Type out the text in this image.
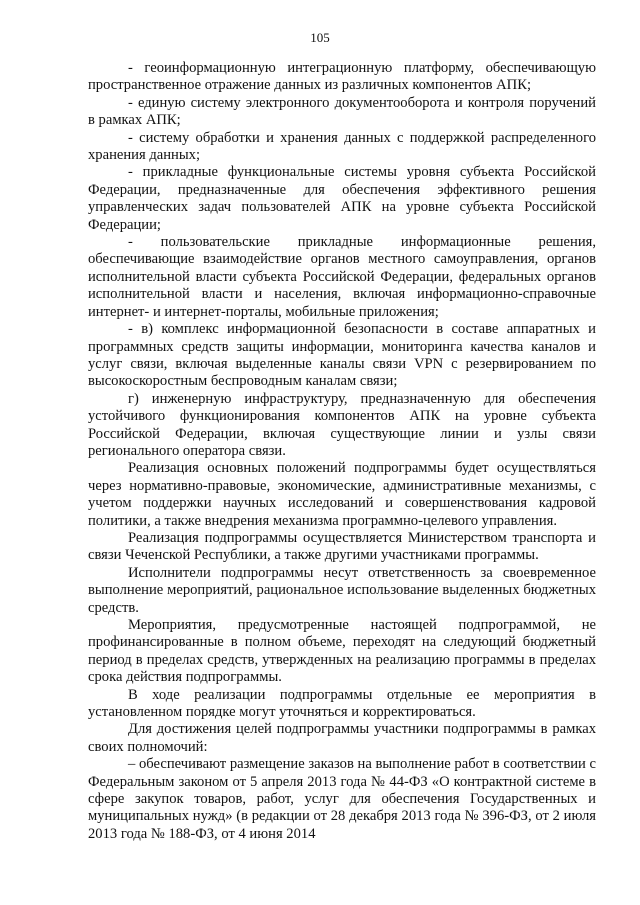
105

- геоинформационную интеграционную платформу, обеспечивающую пространственное отражение данных из различных компонентов АПК;

- единую систему электронного документооборота и контроля поручений в рамках АПК;

- систему обработки и хранения данных с поддержкой распределенного хранения данных;

- прикладные функциональные системы уровня субъекта Российской Федерации, предназначенные для обеспечения эффективного решения управленческих задач пользователей АПК на уровне субъекта Российской Федерации;

- пользовательские прикладные информационные решения, обеспечивающие взаимодействие органов местного самоуправления, органов исполнительной власти субъекта Российской Федерации, федеральных органов исполнительной власти и населения, включая информационно-справочные интернет- и интернет-порталы, мобильные приложения;

- в) комплекс информационной безопасности в составе аппаратных и программных средств защиты информации, мониторинга качества каналов и услуг связи, включая выделенные каналы связи VPN с резервированием по высокоскоростным беспроводным каналам связи;

г) инженерную инфраструктуру, предназначенную для обеспечения устойчивого функционирования компонентов АПК на уровне субъекта Российской Федерации, включая существующие линии и узлы связи регионального оператора связи.

Реализация основных положений подпрограммы будет осуществляться через нормативно-правовые, экономические, административные механизмы, с учетом поддержки научных исследований и совершенствования кадровой политики, а также внедрения механизма программно-целевого управления.

Реализация подпрограммы осуществляется Министерством транспорта и связи Чеченской Республики, а также другими участниками программы.

Исполнители подпрограммы несут ответственность за своевременное выполнение мероприятий, рациональное использование выделенных бюджетных средств.

Мероприятия, предусмотренные настоящей подпрограммой, не профинансированные в полном объеме, переходят на следующий бюджетный период в пределах средств, утвержденных на реализацию программы в пределах срока действия подпрограммы.

В ходе реализации подпрограммы отдельные ее мероприятия в установленном порядке могут уточняться и корректироваться.

Для достижения целей подпрограммы участники подпрограммы в рамках своих полномочий:

– обеспечивают размещение заказов на выполнение работ в соответствии с Федеральным законом от 5 апреля 2013 года № 44-ФЗ «О контрактной системе в сфере закупок товаров, работ, услуг для обеспечения Государственных и муниципальных нужд» (в редакции от 28 декабря 2013 года № 396-ФЗ, от 2 июля 2013 года № 188-ФЗ, от 4 июня 2014
